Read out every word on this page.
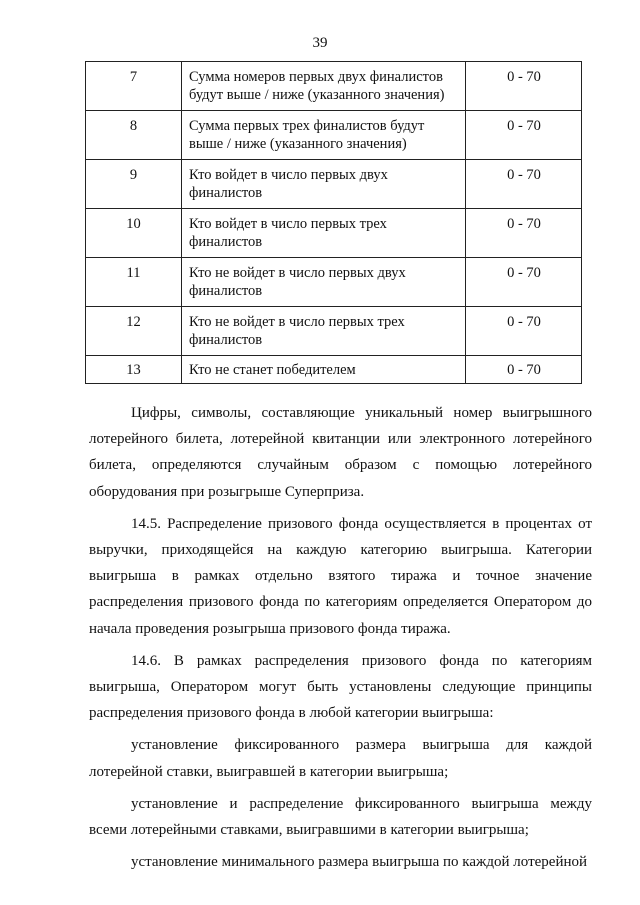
39
7	Сумма номеров первых двух финалистов будут выше / ниже (указанного значения)	0 - 70
8	Сумма первых трех финалистов будут выше / ниже (указанного значения)	0 - 70
9	Кто войдет в число первых двух финалистов	0 - 70
10	Кто войдет в число первых трех финалистов	0 - 70
11	Кто не войдет в число первых двух финалистов	0 - 70
12	Кто не войдет в число первых трех финалистов	0 - 70
13	Кто не станет победителем	0 - 70

Цифры, символы, составляющие уникальный номер выигрышного лотерейного билета, лотерейной квитанции или электронного лотерейного билета, определяются случайным образом с помощью лотерейного оборудования при розыгрыше Суперприза.

14.5. Распределение призового фонда осуществляется в процентах от выручки, приходящейся на каждую категорию выигрыша. Категории выигрыша в рамках отдельно взятого тиража и точное значение распределения призового фонда по категориям определяется Оператором до начала проведения розыгрыша призового фонда тиража.

14.6. В рамках распределения призового фонда по категориям выигрыша, Оператором могут быть установлены следующие принципы распределения призового фонда в любой категории выигрыша:

установление фиксированного размера выигрыша для каждой лотерейной ставки, выигравшей в категории выигрыша;

установление и распределение фиксированного выигрыша между всеми лотерейными ставками, выигравшими в категории выигрыша;

установление минимального размера выигрыша по каждой лотерейной
